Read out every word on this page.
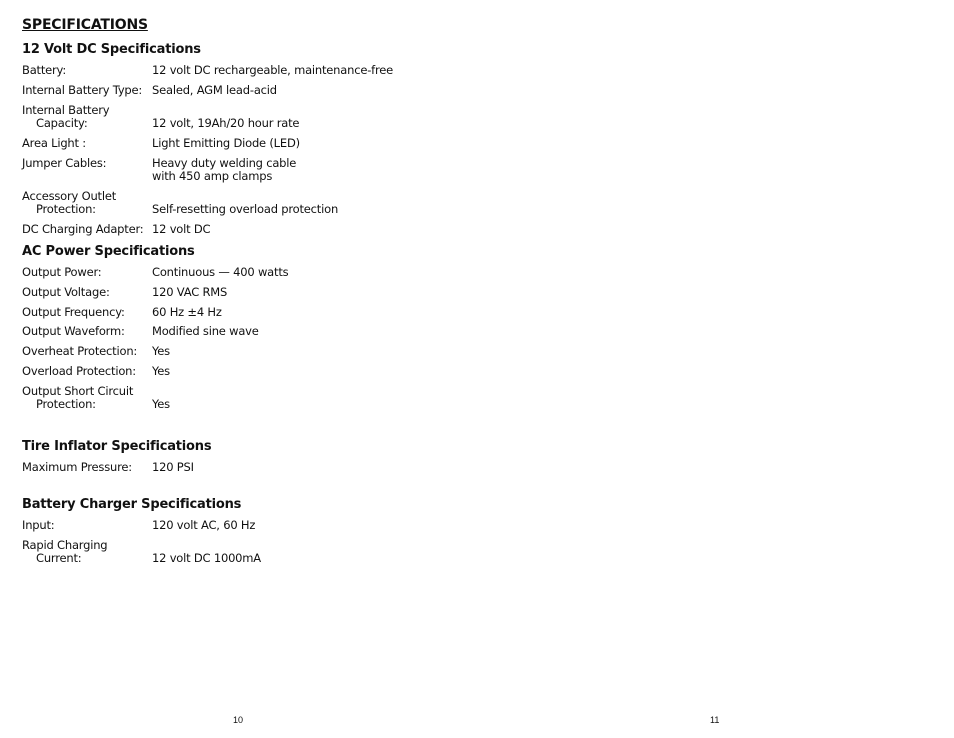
SPECIFICATIONS
12 Volt DC Specifications
Battery:	12 volt DC rechargeable, maintenance-free
Internal Battery Type: Sealed, AGM lead-acid
Internal Battery
Capacity:	12 volt, 19Ah/20 hour rate
Area Light :	Light Emitting Diode (LED)
Jumper Cables:	Heavy duty welding cable
with 450 amp clamps
Accessory Outlet
Protection:	Self-resetting overload protection
DC Charging Adapter: 12 volt DC
AC Power Specifications
Output Power:	Continuous — 400 watts
Output Voltage:	120 VAC RMS
Output Frequency: 60 Hz ±4 Hz
Output Waveform: Modified sine wave
Overheat Protection: Yes
Overload Protection: Yes
Output Short Circuit
Protection:	Yes
Tire Inflator Specifications
Maximum Pressure: 120 PSI
Battery Charger Specifications
Input:	120 volt AC, 60 Hz
Rapid Charging
Current:	12 volt DC 1000mA
10	11
